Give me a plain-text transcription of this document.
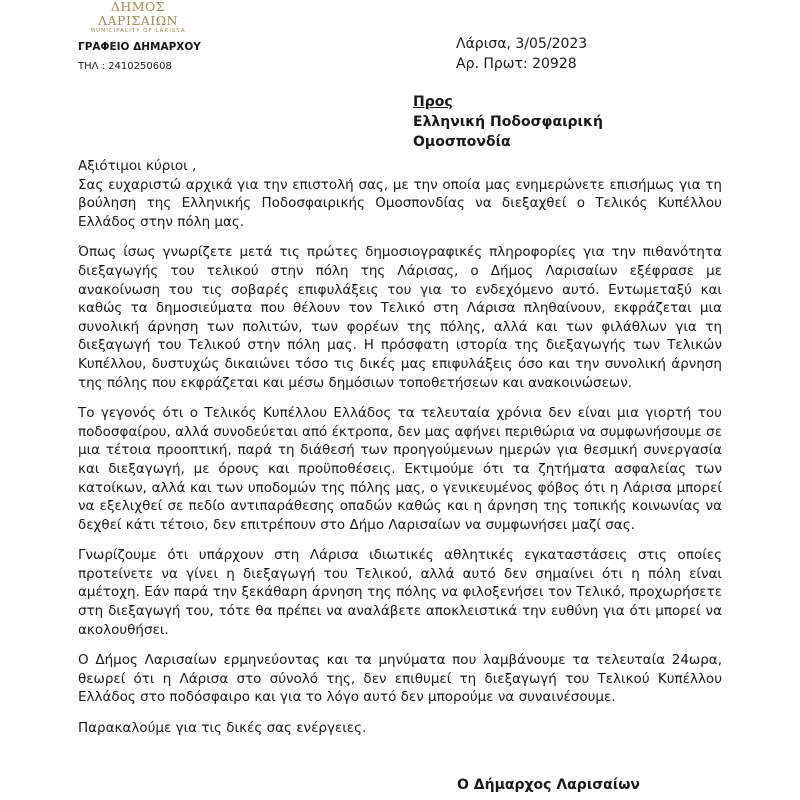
ΔΗΜΟΣ ΛΑΡΙΣΑΙΩΝ
MUNICIPALITY OF LARISSA
ΓΡΑΦΕΙΟ ΔΗΜΑΡΧΟΥ
ΤΗΛ : 2410250608
Λάρισα, 3/05/2023
Αρ. Πρωτ: 20928
Προς
Ελληνική Ποδοσφαιρική Ομοσπονδία

Αξιότιμοι κύριοι ,

Σας ευχαριστώ αρχικά για την επιστολή σας, με την οποία μας ενημερώνετε επισήμως για τη βούληση της Ελληνικής Ποδοσφαιρικής Ομοσπονδίας να διεξαχθεί ο Τελικός Κυπέλλου Ελλάδος στην πόλη μας.

Όπως ίσως γνωρίζετε μετά τις πρώτες δημοσιογραφικές πληροφορίες για την πιθανότητα διεξαγωγής του τελικού στην πόλη της Λάρισας, ο Δήμος Λαρισαίων εξέφρασε με ανακοίνωση του τις σοβαρές επιφυλάξεις του για το ενδεχόμενο αυτό. Εντωμεταξύ και καθώς τα δημοσιεύματα που θέλουν τον Τελικό στη Λάρισα πληθαίνουν, εκφράζεται μια συνολική άρνηση των πολιτών, των φορέων της πόλης, αλλά και των φιλάθλων για τη διεξαγωγή του Τελικού στην πόλη μας. Η πρόσφατη ιστορία της διεξαγωγής των Τελικών Κυπέλλου, δυστυχώς δικαιώνει τόσο τις δικές μας επιφυλάξεις όσο και την συνολική άρνηση της πόλης που εκφράζεται και μέσω δημόσιων τοποθετήσεων και ανακοινώσεων.

Το γεγονός ότι ο Τελικός Κυπέλλου Ελλάδος τα τελευταία χρόνια δεν είναι μια γιορτή του ποδοσφαίρου, αλλά συνοδεύεται από έκτροπα, δεν μας αφήνει περιθώρια να συμφωνήσουμε σε μια τέτοια προοπτική, παρά τη διάθεσή των προηγούμενων ημερών για θεσμική συνεργασία και διεξαγωγή, με όρους και προϋποθέσεις. Εκτιμούμε ότι τα ζητήματα ασφαλείας των κατοίκων, αλλά και των υποδομών της πόλης μας, ο γενικευμένος φόβος ότι η Λάρισα μπορεί να εξελιχθεί σε πεδίο αντιπαράθεσης οπαδών καθώς και η άρνηση της τοπικής κοινωνίας να δεχθεί κάτι τέτοιο, δεν επιτρέπουν στο Δήμο Λαρισαίων να συμφωνήσει μαζί σας.

Γνωρίζουμε ότι υπάρχουν στη Λάρισα ιδιωτικές αθλητικές εγκαταστάσεις στις οποίες προτείνετε να γίνει η διεξαγωγή του Τελικού, αλλά αυτό δεν σημαίνει ότι η πόλη είναι αμέτοχη. Εάν παρά την ξεκάθαρη άρνηση της πόλης να φιλοξενήσει τον Τελικό, προχωρήσετε στη διεξαγωγή του, τότε θα πρέπει να αναλάβετε αποκλειστικά την ευθύνη για ότι μπορεί να ακολουθήσει.

Ο Δήμος Λαρισαίων ερμηνεύοντας και τα μηνύματα που λαμβάνουμε τα τελευταία 24ωρα, θεωρεί ότι η Λάρισα στο σύνολό της, δεν επιθυμεί τη διεξαγωγή του Τελικού Κυπέλλου Ελλάδος στο ποδόσφαιρο και για το λόγο αυτό δεν μπορούμε να συναινέσουμε.

Παρακαλούμε για τις δικές σας ενέργειες.

Ο Δήμαρχος Λαρισαίων
